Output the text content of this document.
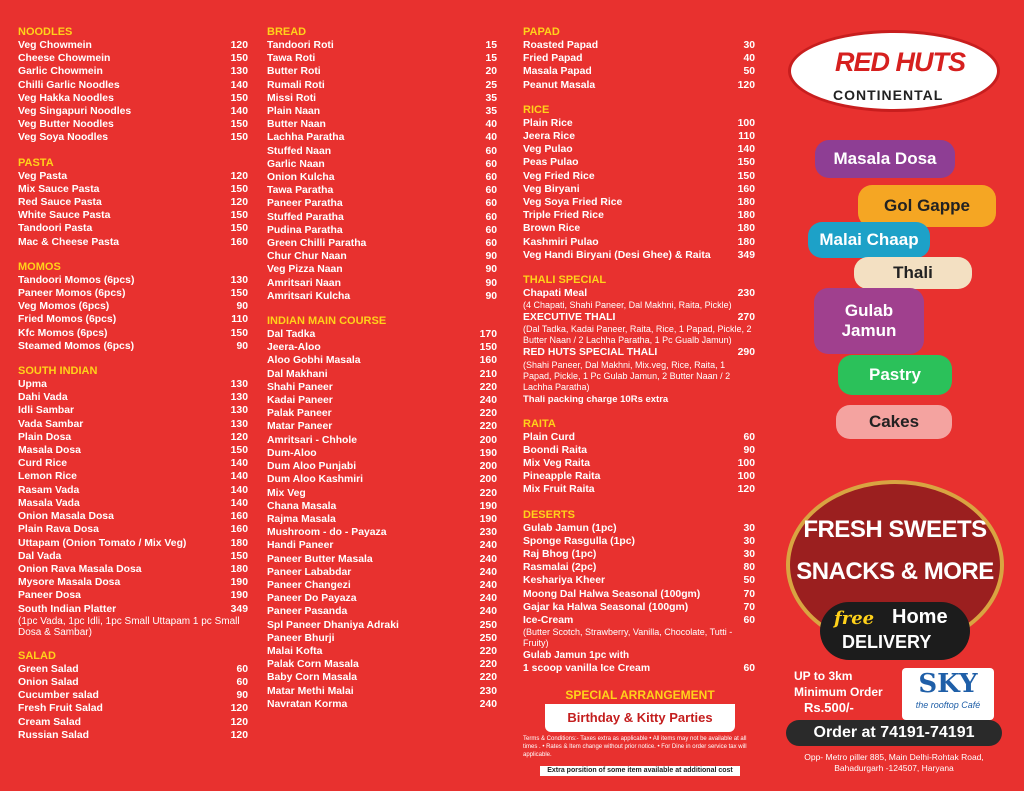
NOODLES
Veg Chowmein	120
Cheese Chowmein	150
Garlic Chowmein	130
Chilli Garlic Noodles	140
Veg Hakka Noodles	150
Veg Singapuri Noodles	140
Veg Butter Noodles	150
Veg Soya Noodles	150
PASTA
Veg Pasta	120
Mix Sauce Pasta	150
Red Sauce Pasta	120
White Sauce Pasta	150
Tandoori Pasta	150
Mac & Cheese Pasta	160
MOMOS
Tandoori Momos (6pcs)	130
Paneer Momos (6pcs)	150
Veg Momos (6pcs)	90
Fried Momos (6pcs)	110
Kfc Momos (6pcs)	150
Steamed Momos (6pcs)	90
SOUTH INDIAN
Upma	130
Dahi Vada	130
Idli Sambar	130
Vada Sambar	130
Plain Dosa	120
Masala Dosa	150
Curd Rice	140
Lemon Rice	140
Rasam Vada	140
Masala Vada	140
Onion Masala Dosa	160
Plain Rava Dosa	160
Uttapam (Onion Tomato / Mix Veg)	180
Dal Vada	150
Onion Rava Masala Dosa	180
Mysore Masala Dosa	190
Paneer Dosa	190
South Indian Platter	349
(1pc Vada, 1pc Idli, 1pc Small Uttapam 1 pc Small Dosa & Sambar)
SALAD
Green Salad	60
Onion Salad	60
Cucumber salad	90
Fresh Fruit Salad	120
Cream Salad	120
Russian Salad	120
BREAD
Tandoori Roti	15
Tawa Roti	15
Butter Roti	20
Rumali Roti	25
Missi Roti	35
Plain Naan	35
Butter Naan	40
Lachha Paratha	40
Stuffed Naan	60
Garlic Naan	60
Onion Kulcha	60
Tawa Paratha	60
Paneer Paratha	60
Stuffed Paratha	60
Pudina Paratha	60
Green Chilli Paratha	60
Chur Chur Naan	90
Veg Pizza Naan	90
Amritsari Naan	90
Amritsari Kulcha	90
INDIAN MAIN COURSE
Dal Tadka	170
Jeera-Aloo	150
Aloo Gobhi Masala	160
Dal Makhani	210
Shahi Paneer	220
Kadai Paneer	240
Palak Paneer	220
Matar Paneer	220
Amritsari - Chhole	200
Dum-Aloo	190
Dum Aloo Punjabi	200
Dum Aloo Kashmiri	200
Mix Veg	220
Chana Masala	190
Rajma Masala	190
Mushroom - do - Payaza	230
Handi Paneer	240
Paneer Butter Masala	240
Paneer Lababdar	240
Paneer Changezi	240
Paneer Do Payaza	240
Paneer Pasanda	240
Spl Paneer Dhaniya Adraki	250
Paneer Bhurji	250
Malai Kofta	220
Palak Corn Masala	220
Baby Corn Masala	220
Matar Methi Malai	230
Navratan Korma	240
PAPAD
Roasted Papad	30
Fried Papad	40
Masala Papad	50
Peanut Masala	120
RICE
Plain Rice	100
Jeera Rice	110
Veg Pulao	140
Peas Pulao	150
Veg Fried Rice	150
Veg Biryani	160
Veg Soya Fried Rice	180
Triple Fried Rice	180
Brown Rice	180
Kashmiri Pulao	180
Veg Handi Biryani (Desi Ghee) & Raita	349
THALI SPECIAL
Chapati Meal	230
(4 Chapati, Shahi Paneer, Dal Makhni, Raita, Pickle)
EXECUTIVE THALI	270
(Dal Tadka, Kadai Paneer, Raita, Rice, 1 Papad, Pickle, 2 Butter Naan / 2 Lachha Paratha, 1 Pc Gualb Jamun)
RED HUTS SPECIAL THALI	290
(Shahi Paneer, Dal Makhni, Mix.veg, Rice, Raita, 1 Papad, Pickle, 1 Pc Gulab Jamun, 2 Butter Naan / 2 Lachha Paratha)
Thali packing charge 10Rs extra
RAITA
Plain Curd	60
Boondi Raita	90
Mix Veg Raita	100
Pineapple Raita	100
Mix Fruit Raita	120
DESERTS
Gulab Jamun (1pc)	30
Sponge Rasgulla (1pc)	30
Raj Bhog (1pc)	30
Rasmalai (2pc)	80
Keshariya Kheer	50
Moong Dal Halwa Seasonal (100gm)	70
Gajar ka Halwa Seasonal (100gm)	70
Ice-Cream	60
(Butter Scotch, Strawberry, Vanilla, Chocolate, Tutti - Fruity)
Gulab Jamun 1pc with
1 scoop vanilla Ice Cream	60
SPECIAL ARRANGEMENT
Birthday & Kitty Parties
Terms & Conditions:- Taxes extra as applicable • All items may not be available at all times . • Rates & Item change without prior notice. • For Dine in order service tax will applicable.
Extra porsition of some item available at additional cost
RED HUTS
CONTINENTAL
Masala Dosa
Gol Gappe
Malai Chaap
Thali
Gulab Jamun
Pastry
Cakes
FRESH SWEETS
SNACKS & MORE
free Home
DELIVERY
UP to 3km
Minimum Order
Rs.500/-
SKY
the rooftop Café
Order at 74191-74191
Opp- Metro piller 885, Main Delhi-Rohtak Road,
Bahadurgarh -124507, Haryana
